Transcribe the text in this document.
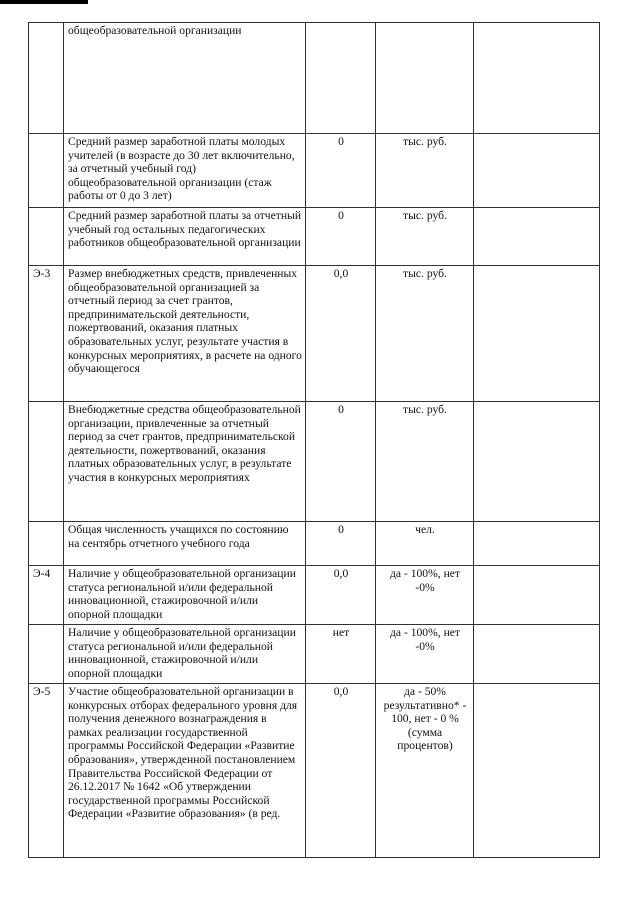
	общеобразовательной организации			
	Средний размер заработной платы молодых учителей (в возрасте до 30 лет включительно, за отчетный учебный год) общеобразовательной организации (стаж работы от 0 до 3 лет)	0	тыс. руб.	
	Средний размер заработной платы за отчетный учебный год остальных педагогических работников общеобразовательной организации	0	тыс. руб.	
Э-3	Размер внебюджетных средств, привлеченных общеобразовательной организацией за отчетный период за счет грантов, предпринимательской деятельности, пожертвований, оказания платных образовательных услуг, результате участия в конкурсных мероприятиях, в расчете на одного обучающегося	0,0	тыс. руб.	
	Внебюджетные средства общеобразовательной организации, привлеченные за отчетный период за счет грантов, предпринимательской деятельности, пожертвований, оказания платных образовательных услуг, в результате участия в конкурсных мероприятиях	0	тыс. руб.	
	Общая численность учащихся по состоянию на сентябрь отчетного учебного года	0	чел.	
Э-4	Наличие у общеобразовательной организации статуса региональной и/или федеральной инновационной, стажировочной и/или опорной площадки	0,0	да - 100%, нет -0%	
	Наличие у общеобразовательной организации статуса региональной и/или федеральной инновационной, стажировочной и/или опорной площадки	нет	да - 100%, нет -0%	
Э-5	Участие общеобразовательной организации в конкурсных отборах федерального уровня для получения денежного вознаграждения в рамках реализации государственной программы Российской Федерации «Развитие образования», утвержденной постановлением Правительства Российской Федерации от 26.12.2017 № 1642 «Об утверждении государственной программы Российской Федерации «Развитие образования» (в ред.	0,0	да - 50% результативно* - 100, нет - 0 % (сумма процентов)	
